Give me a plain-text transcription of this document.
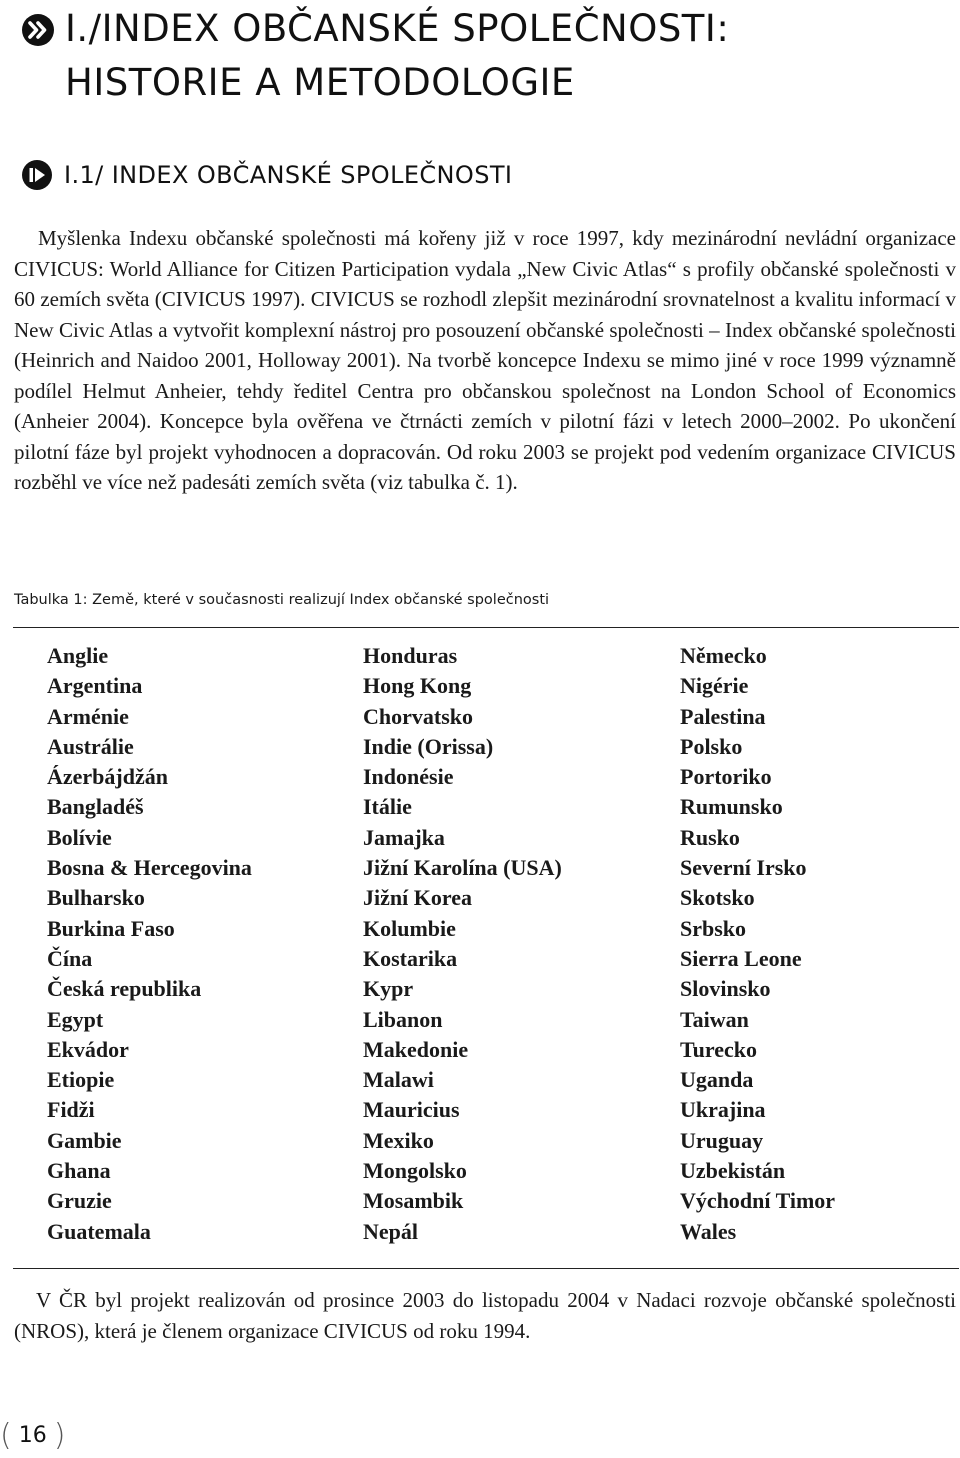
I./INDEX OBČANSKÉ SPOLEČNOSTI:
HISTORIE A METODOLOGIE
I.1/ INDEX OBČANSKÉ SPOLEČNOSTI

Myšlenka Indexu občanské společnosti má kořeny již v roce 1997, kdy mezinárodní nevládní organizace CIVICUS: World Alliance for Citizen Participation vydala „New Civic Atlas“ s profily občanské společnosti v 60 zemích světa (CIVICUS 1997). CIVICUS se rozhodl zlepšit mezinárodní srovnatelnost a kvalitu informací v New Civic Atlas a vytvořit komplexní nástroj pro posouzení občanské společnosti – Index občanské společnosti (Heinrich and Naidoo 2001, Holloway 2001). Na tvorbě koncepce Indexu se mimo jiné v roce 1999 významně podílel Helmut Anheier, tehdy ředitel Centra pro občanskou společnost na London School of Economics (Anheier 2004). Koncepce byla ověřena ve čtrnácti zemích v pilotní fázi v letech 2000–2002. Po ukončení pilotní fáze byl projekt vyhodnocen a dopracován. Od roku 2003 se projekt pod vedením organizace CIVICUS rozběhl ve více než padesáti zemích světa (viz tabulka č. 1).

Tabulka 1: Země, které v současnosti realizují Index občanské společnosti
Anglie
Argentina
Arménie
Austrálie
Ázerbájdžán
Bangladéš
Bolívie
Bosna & Hercegovina
Bulharsko
Burkina Faso
Čína
Česká republika
Egypt
Ekvádor
Etiopie
Fidži
Gambie
Ghana
Gruzie
Guatemala
Honduras
Hong Kong
Chorvatsko
Indie (Orissa)
Indonésie
Itálie
Jamajka
Jižní Karolína (USA)
Jižní Korea
Kolumbie
Kostarika
Kypr
Libanon
Makedonie
Malawi
Mauricius
Mexiko
Mongolsko
Mosambik
Nepál
Německo
Nigérie
Palestina
Polsko
Portoriko
Rumunsko
Rusko
Severní Irsko
Skotsko
Srbsko
Sierra Leone
Slovinsko
Taiwan
Turecko
Uganda
Ukrajina
Uruguay
Uzbekistán
Východní Timor
Wales

V ČR byl projekt realizován od prosince 2003 do listopadu 2004 v Nadaci rozvoje občanské společnosti (NROS), která je členem organizace CIVICUS od roku 1994.

( 16 )
